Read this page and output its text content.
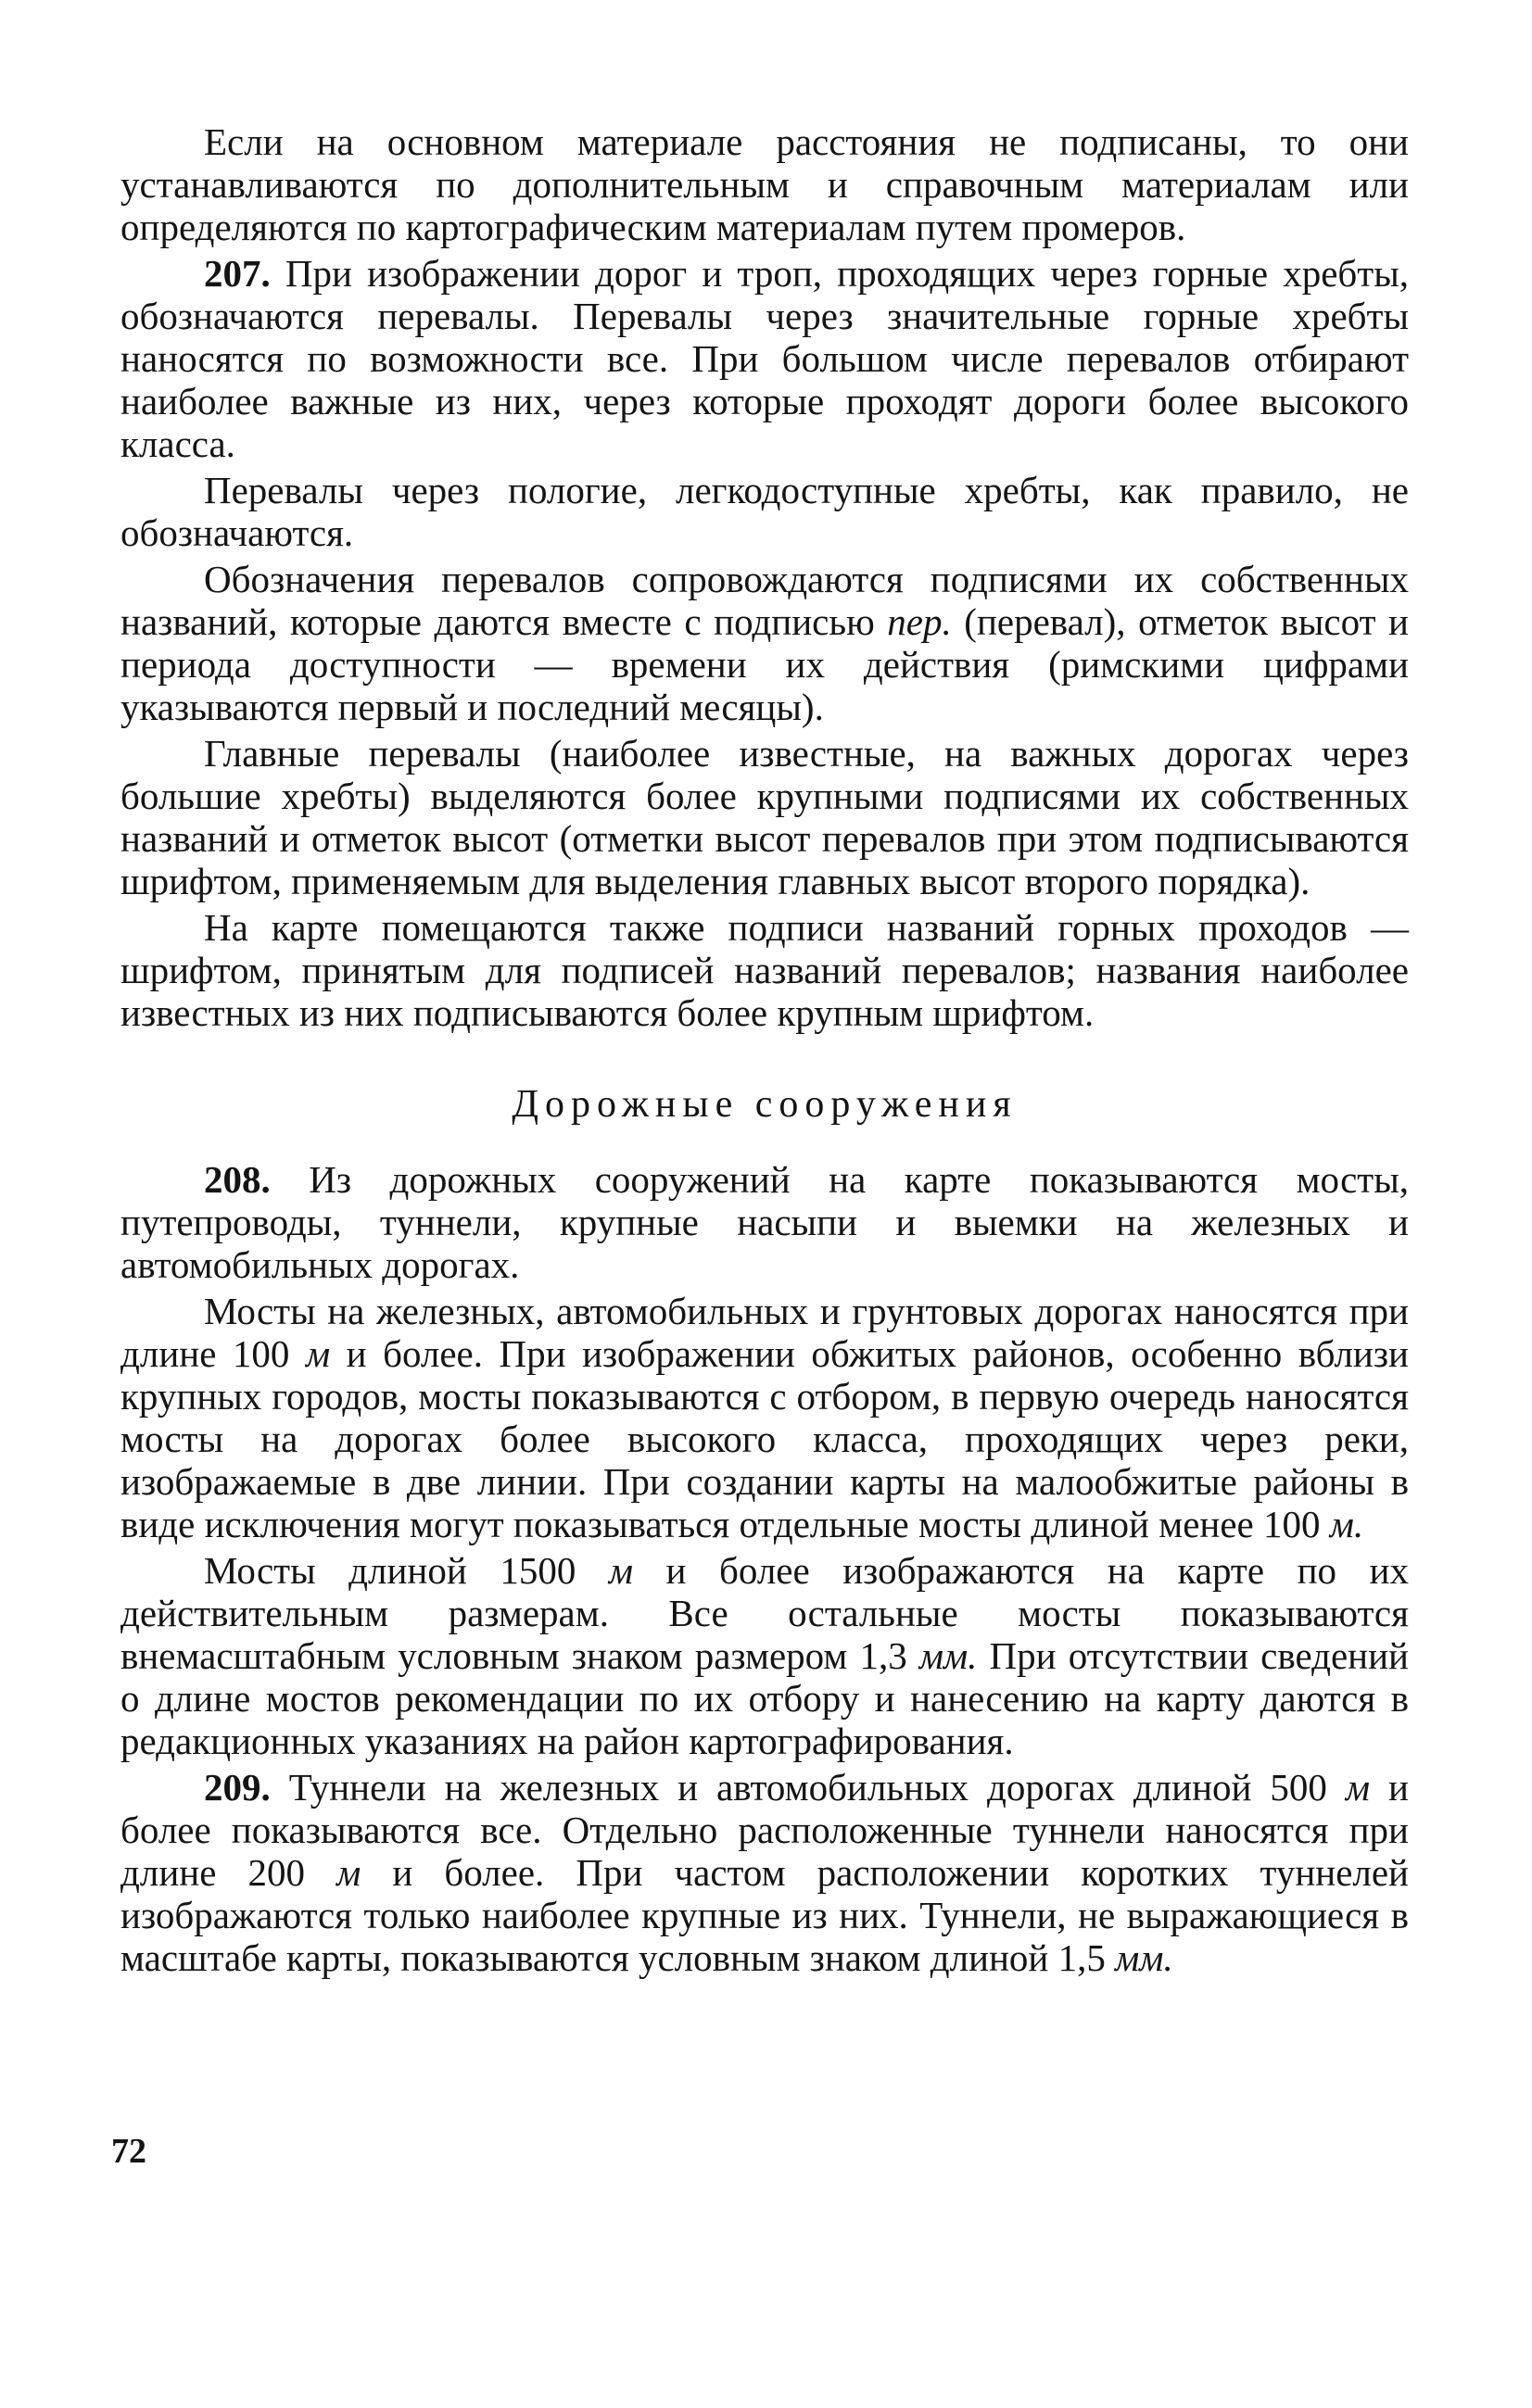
Если на основном материале расстояния не подписаны, то они устанавливаются по дополнительным и справочным материалам или определяются по картографическим материалам путем промеров.

207. При изображении дорог и троп, проходящих через горные хребты, обозначаются перевалы. Перевалы через значительные горные хребты наносятся по возможности все. При большом числе перевалов отбирают наиболее важные из них, через которые проходят дороги более высокого класса.

Перевалы через пологие, легкодоступные хребты, как правило, не обозначаются.

Обозначения перевалов сопровождаются подписями их собственных названий, которые даются вместе с подписью пер. (перевал), отметок высот и периода доступности — времени их действия (римскими цифрами указываются первый и последний месяцы).

Главные перевалы (наиболее известные, на важных дорогах через большие хребты) выделяются более крупными подписями их собственных названий и отметок высот (отметки высот перевалов при этом подписываются шрифтом, применяемым для выделения главных высот второго порядка).

На карте помещаются также подписи названий горных проходов — шрифтом, принятым для подписей названий перевалов; названия наиболее известных из них подписываются более крупным шрифтом.

Дорожные сооружения

208. Из дорожных сооружений на карте показываются мосты, путепроводы, туннели, крупные насыпи и выемки на железных и автомобильных дорогах.

Мосты на железных, автомобильных и грунтовых дорогах наносятся при длине 100 м и более. При изображении обжитых районов, особенно вблизи крупных городов, мосты показываются с отбором, в первую очередь наносятся мосты на дорогах более высокого класса, проходящих через реки, изображаемые в две линии. При создании карты на малообжитые районы в виде исключения могут показываться отдельные мосты длиной менее 100 м.

Мосты длиной 1500 м и более изображаются на карте по их действительным размерам. Все остальные мосты показываются внемасштабным условным знаком размером 1,3 мм. При отсутствии сведений о длине мостов рекомендации по их отбору и нанесению на карту даются в редакционных указаниях на район картографирования.

209. Туннели на железных и автомобильных дорогах длиной 500 м и более показываются все. Отдельно расположенные туннели наносятся при длине 200 м и более. При частом расположении коротких туннелей изображаются только наиболее крупные из них. Туннели, не выражающиеся в масштабе карты, показываются условным знаком длиной 1,5 мм.

72
